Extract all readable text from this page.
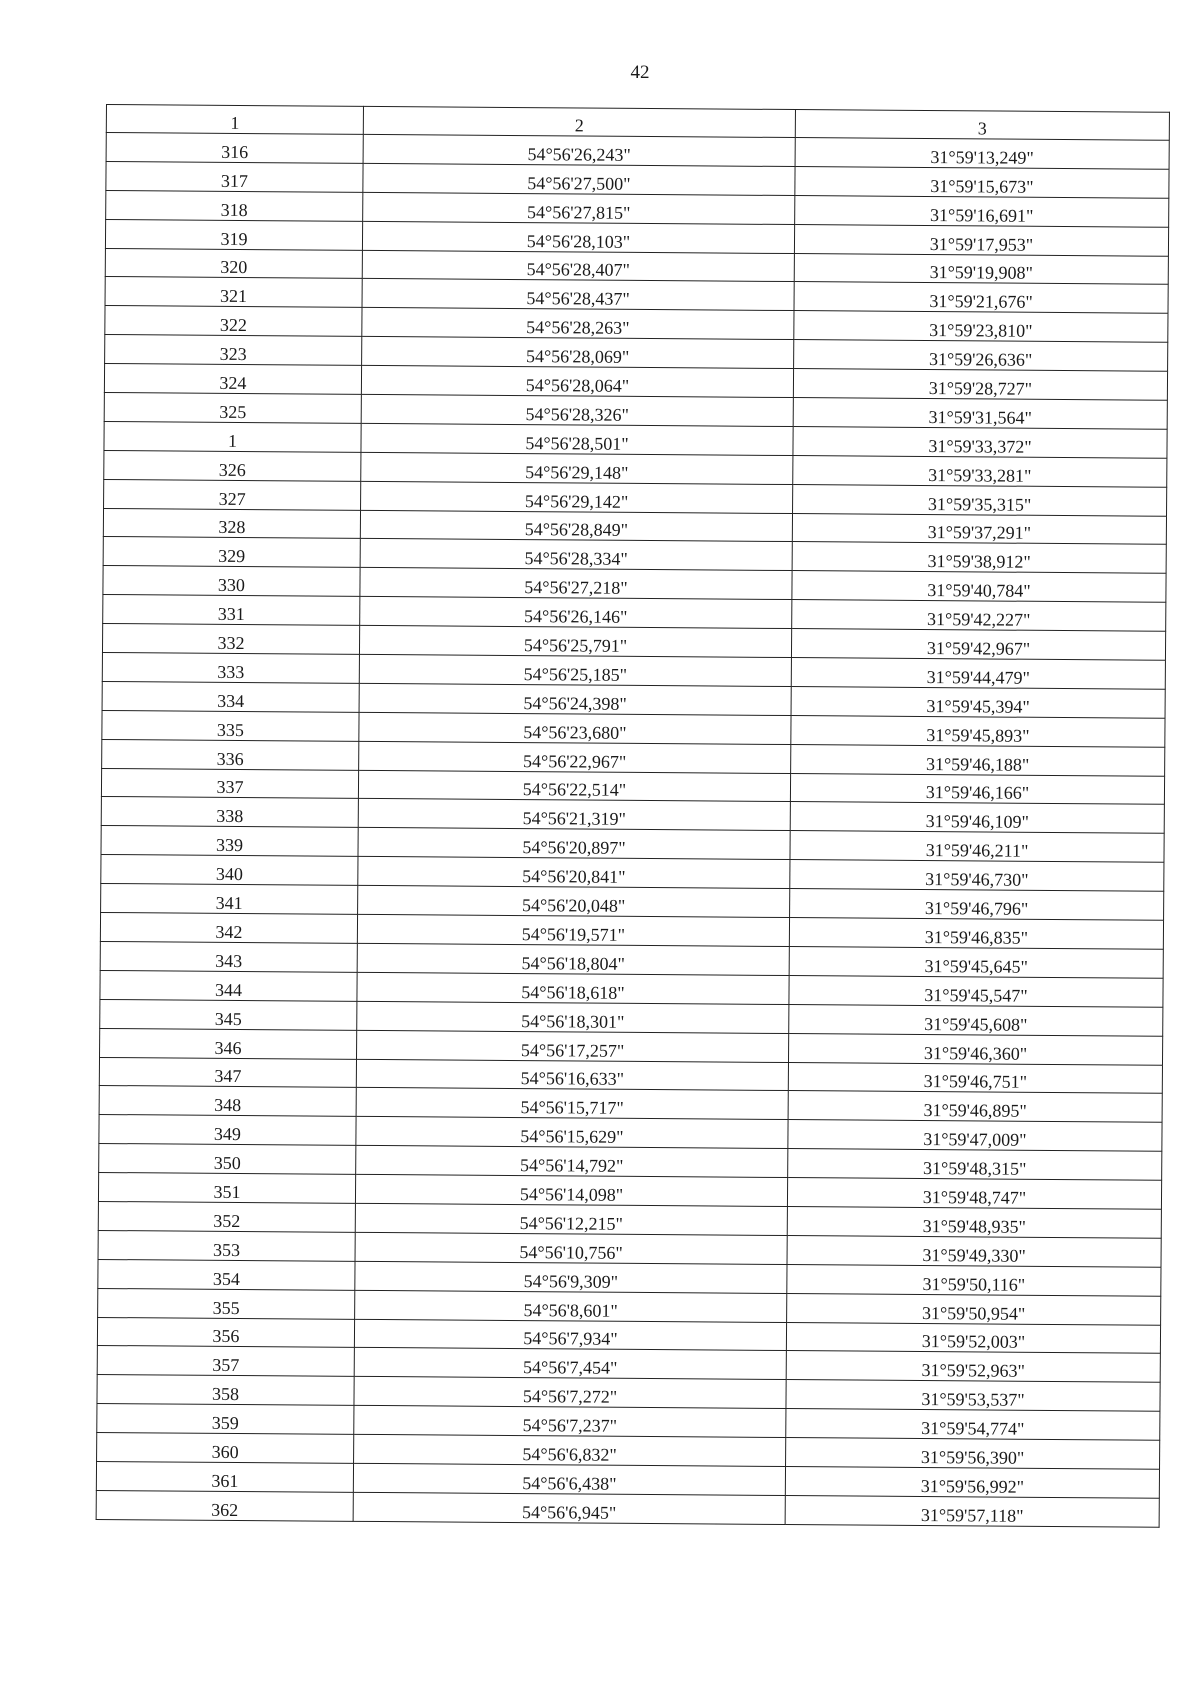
42
1	2	3
316	54°56'26,243"	31°59'13,249"
317	54°56'27,500"	31°59'15,673"
318	54°56'27,815"	31°59'16,691"
319	54°56'28,103"	31°59'17,953"
320	54°56'28,407"	31°59'19,908"
321	54°56'28,437"	31°59'21,676"
322	54°56'28,263"	31°59'23,810"
323	54°56'28,069"	31°59'26,636"
324	54°56'28,064"	31°59'28,727"
325	54°56'28,326"	31°59'31,564"
1	54°56'28,501"	31°59'33,372"
326	54°56'29,148"	31°59'33,281"
327	54°56'29,142"	31°59'35,315"
328	54°56'28,849"	31°59'37,291"
329	54°56'28,334"	31°59'38,912"
330	54°56'27,218"	31°59'40,784"
331	54°56'26,146"	31°59'42,227"
332	54°56'25,791"	31°59'42,967"
333	54°56'25,185"	31°59'44,479"
334	54°56'24,398"	31°59'45,394"
335	54°56'23,680"	31°59'45,893"
336	54°56'22,967"	31°59'46,188"
337	54°56'22,514"	31°59'46,166"
338	54°56'21,319"	31°59'46,109"
339	54°56'20,897"	31°59'46,211"
340	54°56'20,841"	31°59'46,730"
341	54°56'20,048"	31°59'46,796"
342	54°56'19,571"	31°59'46,835"
343	54°56'18,804"	31°59'45,645"
344	54°56'18,618"	31°59'45,547"
345	54°56'18,301"	31°59'45,608"
346	54°56'17,257"	31°59'46,360"
347	54°56'16,633"	31°59'46,751"
348	54°56'15,717"	31°59'46,895"
349	54°56'15,629"	31°59'47,009"
350	54°56'14,792"	31°59'48,315"
351	54°56'14,098"	31°59'48,747"
352	54°56'12,215"	31°59'48,935"
353	54°56'10,756"	31°59'49,330"
354	54°56'9,309"	31°59'50,116"
355	54°56'8,601"	31°59'50,954"
356	54°56'7,934"	31°59'52,003"
357	54°56'7,454"	31°59'52,963"
358	54°56'7,272"	31°59'53,537"
359	54°56'7,237"	31°59'54,774"
360	54°56'6,832"	31°59'56,390"
361	54°56'6,438"	31°59'56,992"
362	54°56'6,945"	31°59'57,118"
